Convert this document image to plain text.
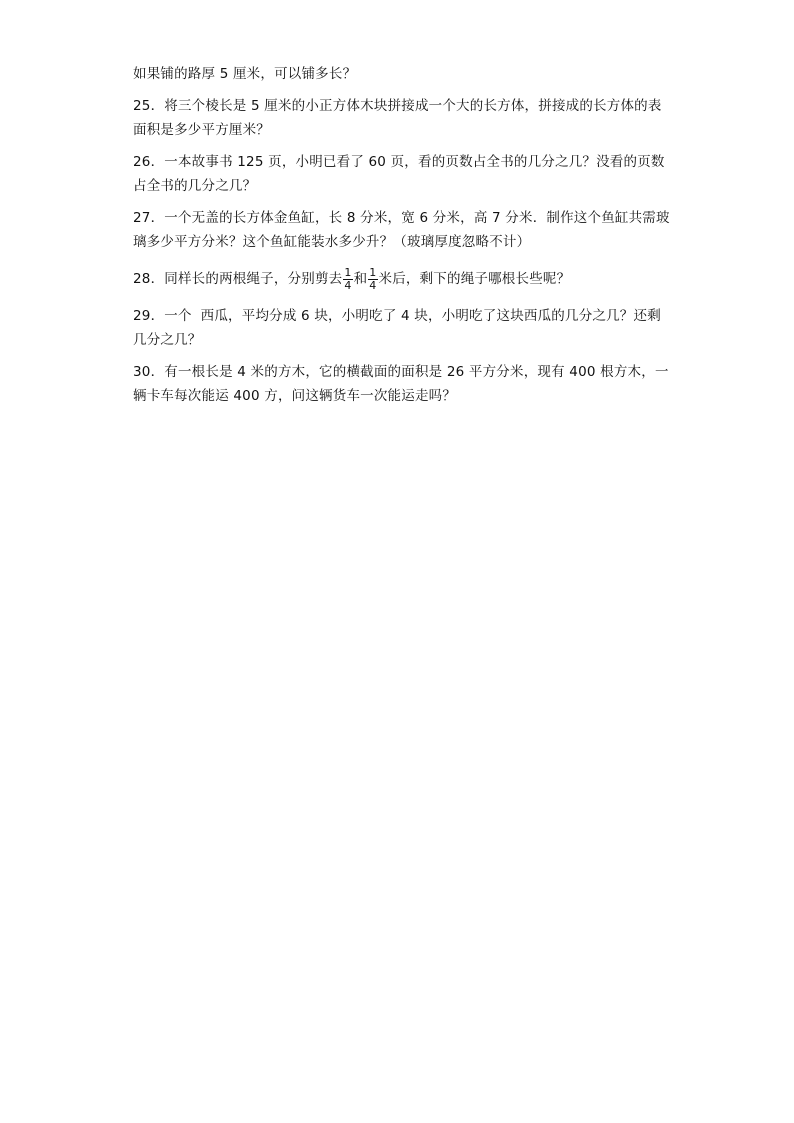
如果铺的路厚 5 厘米，可以铺多长？
25．将三个棱长是 5 厘米的小正方体木块拼接成一个大的长方体，拼接成的长方体的表
面积是多少平方厘米？
26．一本故事书 125 页，小明已看了 60 页，看的页数占全书的几分之几？没看的页数
占全书的几分之几？
27．一个无盖的长方体金鱼缸，长 8 分米，宽 6 分米，高 7 分米．制作这个鱼缸共需玻
璃多少平方分米？这个鱼缸能装水多少升？（玻璃厚度忽略不计）
28．同样长的两根绳子，分别剪去 $\frac{1}{4}$ 和 $\frac{1}{4}$ 米后，剩下的绳子哪根长些呢？
29．一个  西瓜，平均分成 6 块，小明吃了 4 块，小明吃了这块西瓜的几分之几？还剩
几分之几？
30．有一根长是 4 米的方木，它的横截面的面积是 26 平方分米，现有 400 根方木，一
辆卡车每次能运 400 方，问这辆货车一次能运走吗？
